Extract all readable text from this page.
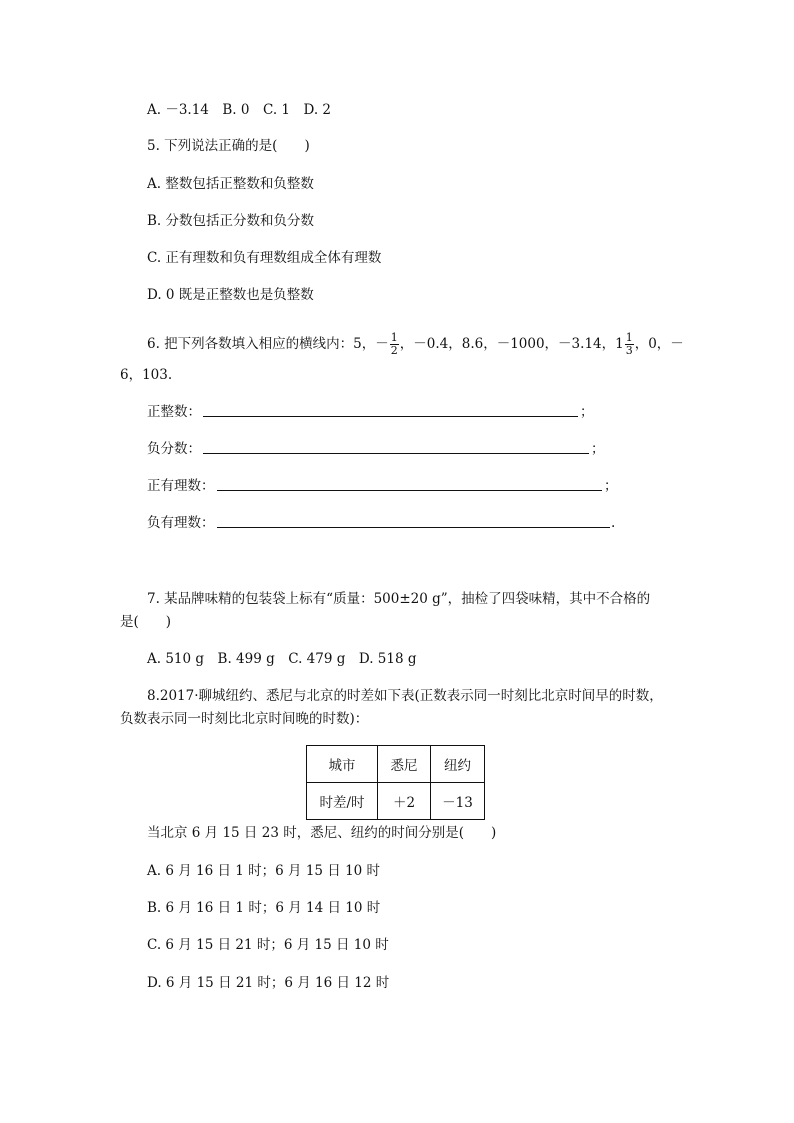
A. －3.14　B. 0　C. 1　D. 2
5. 下列说法正确的是(　　)
A. 整数包括正整数和负整数
B. 分数包括正分数和负分数
C. 正有理数和负有理数组成全体有理数
D. 0 既是正整数也是负整数
6. 把下列各数填入相应的横线内：5，－ $\frac{1}{2}$ ，－0.4，8.6，－1000，－3.14，$1 \frac{1}{3}$ ，0，－
6，103.
正整数：	；
负分数：	；
正有理数：	；
负有理数：	.
7. 某品牌味精的包装袋上标有“质量：500±20 g”，抽检了四袋味精，其中不合格的
是(　　)
A. 510 g　B. 499 g　C. 479 g　D. 518 g
8.2017·聊城纽约、悉尼与北京的时差如下表(正数表示同一时刻比北京时间早的时数，
负数表示同一时刻比北京时间晚的时数)：
城市	悉尼	纽约
时差/时	＋2	－13
当北京 6 月 15 日 23 时，悉尼、纽约的时间分别是(　　)
A. 6 月 16 日 1 时；6 月 15 日 10 时
B. 6 月 16 日 1 时；6 月 14 日 10 时
C. 6 月 15 日 21 时；6 月 15 日 10 时
D. 6 月 15 日 21 时；6 月 16 日 12 时
